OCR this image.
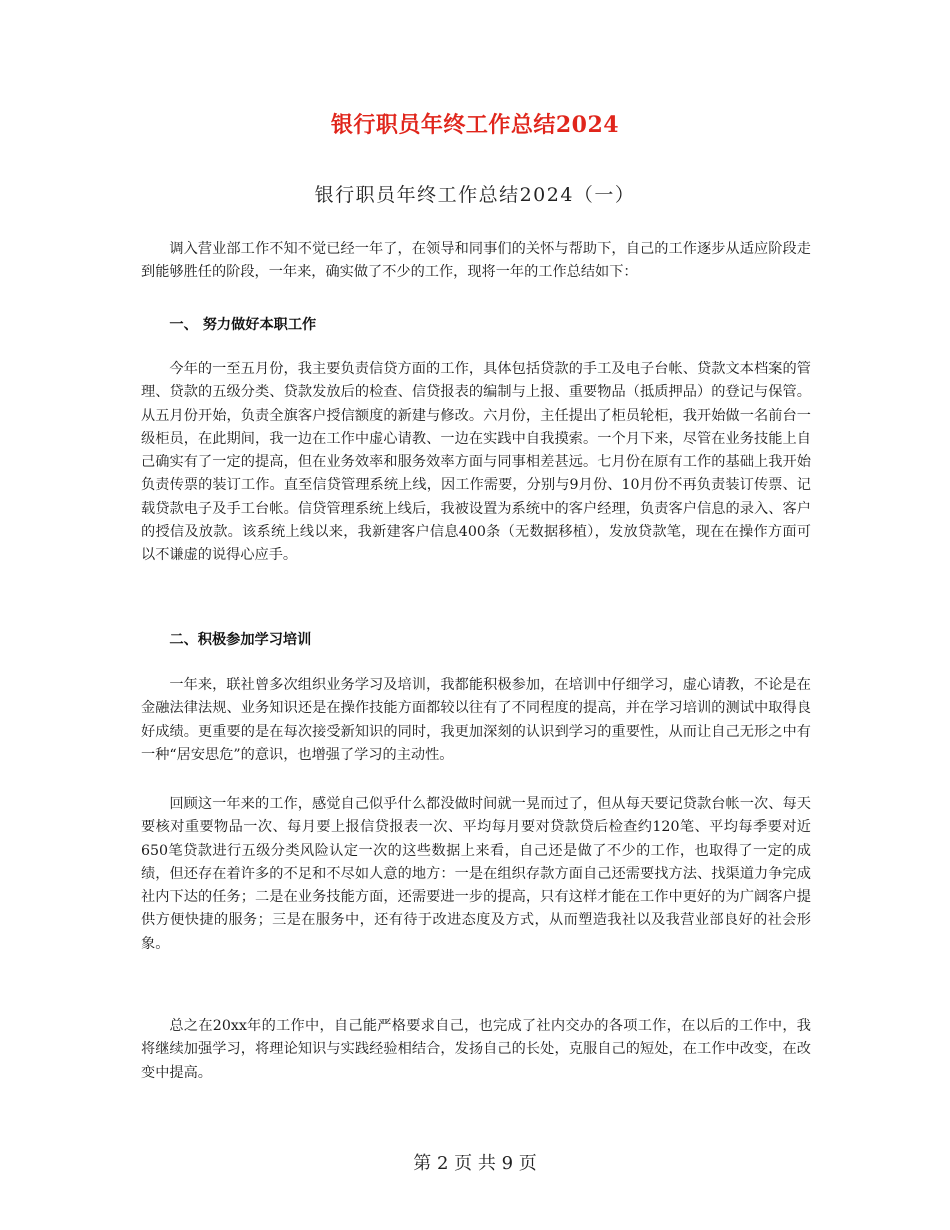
银行职员年终工作总结2024
银行职员年终工作总结2024（一）

调入营业部工作不知不觉已经一年了，在领导和同事们的关怀与帮助下，自己的工作逐步从适应阶段走到能够胜任的阶段，一年来，确实做了不少的工作，现将一年的工作总结如下：

一、 努力做好本职工作

今年的一至五月份，我主要负责信贷方面的工作，具体包括贷款的手工及电子台帐、贷款文本档案的管理、贷款的五级分类、贷款发放后的检查、信贷报表的编制与上报、重要物品（抵质押品）的登记与保管。从五月份开始，负责全旗客户授信额度的新建与修改。六月份，主任提出了柜员轮柜，我开始做一名前台一级柜员，在此期间，我一边在工作中虚心请教、一边在实践中自我摸索。一个月下来，尽管在业务技能上自己确实有了一定的提高，但在业务效率和服务效率方面与同事相差甚远。七月份在原有工作的基础上我开始负责传票的装订工作。直至信贷管理系统上线，因工作需要，分别与9月份、10月份不再负责装订传票、记载贷款电子及手工台帐。信贷管理系统上线后，我被设置为系统中的客户经理，负责客户信息的录入、客户的授信及放款。该系统上线以来，我新建客户信息400条（无数据移植），发放贷款笔，现在在操作方面可以不谦虚的说得心应手。

二、积极参加学习培训

一年来，联社曾多次组织业务学习及培训，我都能积极参加，在培训中仔细学习，虚心请教，不论是在金融法律法规、业务知识还是在操作技能方面都较以往有了不同程度的提高，并在学习培训的测试中取得良好成绩。更重要的是在每次接受新知识的同时，我更加深刻的认识到学习的重要性，从而让自己无形之中有一种“居安思危”的意识，也增强了学习的主动性。

回顾这一年来的工作，感觉自己似乎什么都没做时间就一晃而过了，但从每天要记贷款台帐一次、每天要核对重要物品一次、每月要上报信贷报表一次、平均每月要对贷款贷后检查约120笔、平均每季要对近650笔贷款进行五级分类风险认定一次的这些数据上来看，自己还是做了不少的工作，也取得了一定的成绩，但还存在着许多的不足和不尽如人意的地方：一是在组织存款方面自己还需要找方法、找渠道力争完成社内下达的任务；二是在业务技能方面，还需要进一步的提高，只有这样才能在工作中更好的为广阔客户提供方便快捷的服务；三是在服务中，还有待于改进态度及方式，从而塑造我社以及我营业部良好的社会形象。

总之在20xx年的工作中，自己能严格要求自己，也完成了社内交办的各项工作，在以后的工作中，我将继续加强学习，将理论知识与实践经验相结合，发扬自己的长处，克服自己的短处，在工作中改变，在改变中提高。

第 2 页 共 9 页
